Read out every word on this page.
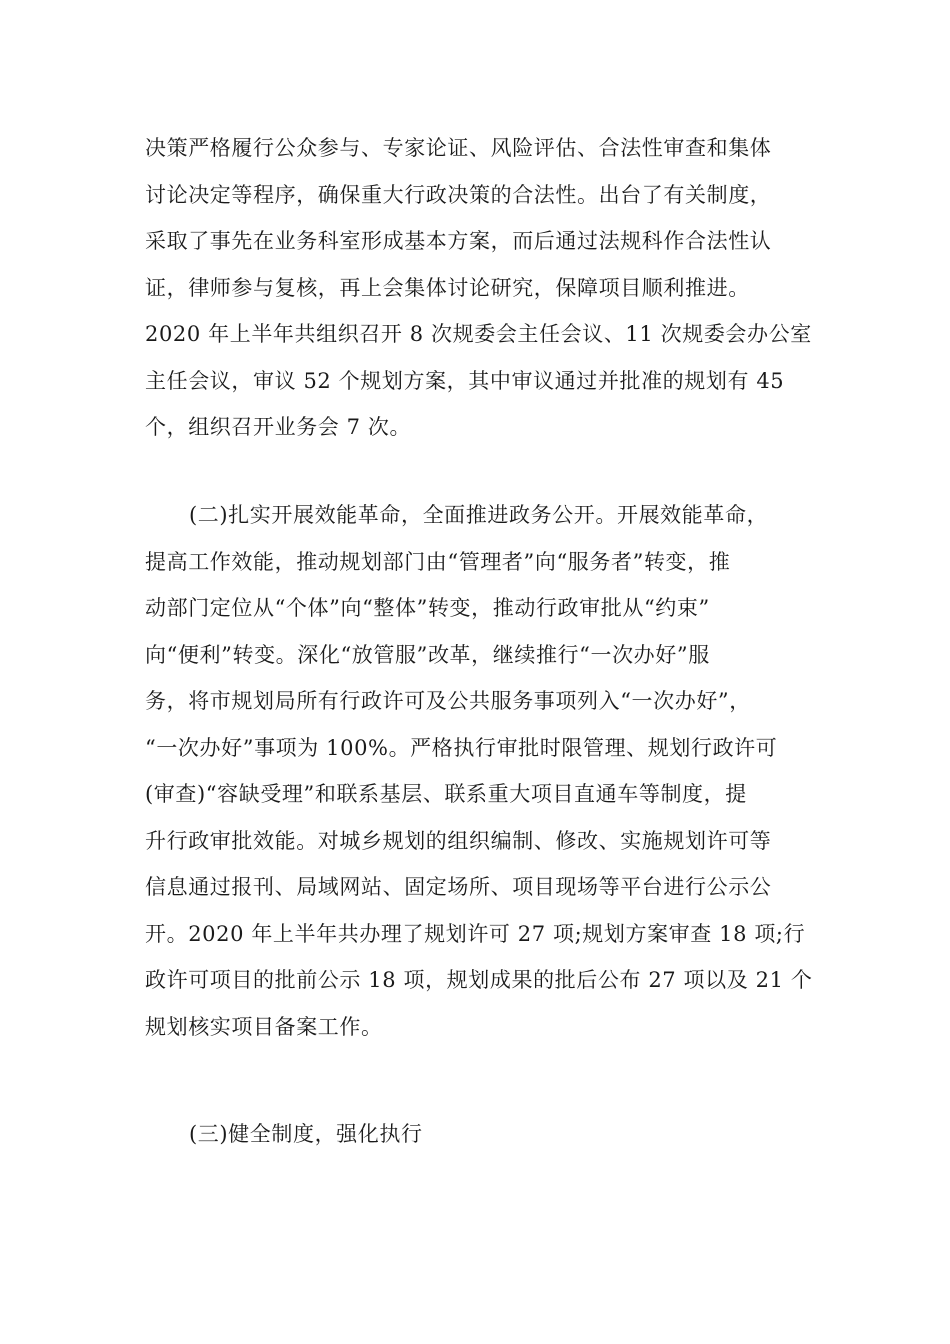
决策严格履行公众参与、专家论证、风险评估、合法性审查和集体
讨论决定等程序，确保重大行政决策的合法性。出台了有关制度，
采取了事先在业务科室形成基本方案，而后通过法规科作合法性认
证，律师参与复核，再上会集体讨论研究，保障项目顺利推进。
2020 年上半年共组织召开 8 次规委会主任会议、11 次规委会办公室
主任会议，审议 52 个规划方案，其中审议通过并批准的规划有 45
个，组织召开业务会 7 次。
(二)扎实开展效能革命，全面推进政务公开。开展效能革命，
提高工作效能，推动规划部门由“管理者”向“服务者”转变，推
动部门定位从“个体”向“整体”转变，推动行政审批从“约束”
向“便利”转变。深化“放管服”改革，继续推行“一次办好”服
务，将市规划局所有行政许可及公共服务事项列入“一次办好”，
“一次办好”事项为 100%。严格执行审批时限管理、规划行政许可
(审查)“容缺受理”和联系基层、联系重大项目直通车等制度，提
升行政审批效能。对城乡规划的组织编制、修改、实施规划许可等
信息通过报刊、局域网站、固定场所、项目现场等平台进行公示公
开。2020 年上半年共办理了规划许可 27 项;规划方案审查 18 项;行
政许可项目的批前公示 18 项，规划成果的批后公布 27 项以及 21 个
规划核实项目备案工作。
(三)健全制度，强化执行
